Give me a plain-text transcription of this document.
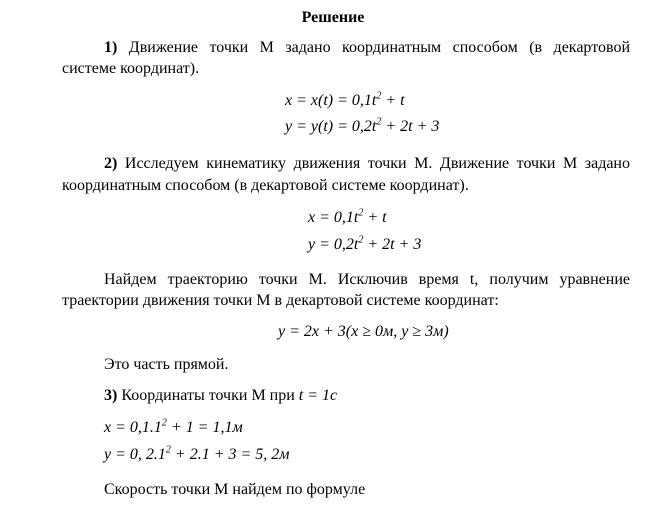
Решение
1) Движение точки М задано координатным способом (в декартовой
системе координат).
$x = x(t) = 0,1t^2 + t$
$y = y(t) = 0,2t^2 + 2t + 3$
2) Исследуем кинематику движения точки М. Движение точки М задано
координатным способом (в декартовой системе координат).
$x = 0,1t^2 + t$
$y = 0,2t^2 + 2t + 3$
Найдем траекторию точки М. Исключив время t, получим уравнение
траектории движения точки М в декартовой системе координат:
y = 2x + 3(x ≥ 0м, y ≥ 3м)
Это часть прямой.
3) Координаты точки М при t = 1c
$x = 0,1.1^2 + 1 = 1,1м$
y = 0, $2.1^2 + 2.1 + 3 = 5$, 2м
Скорость точки М найдем по формуле
